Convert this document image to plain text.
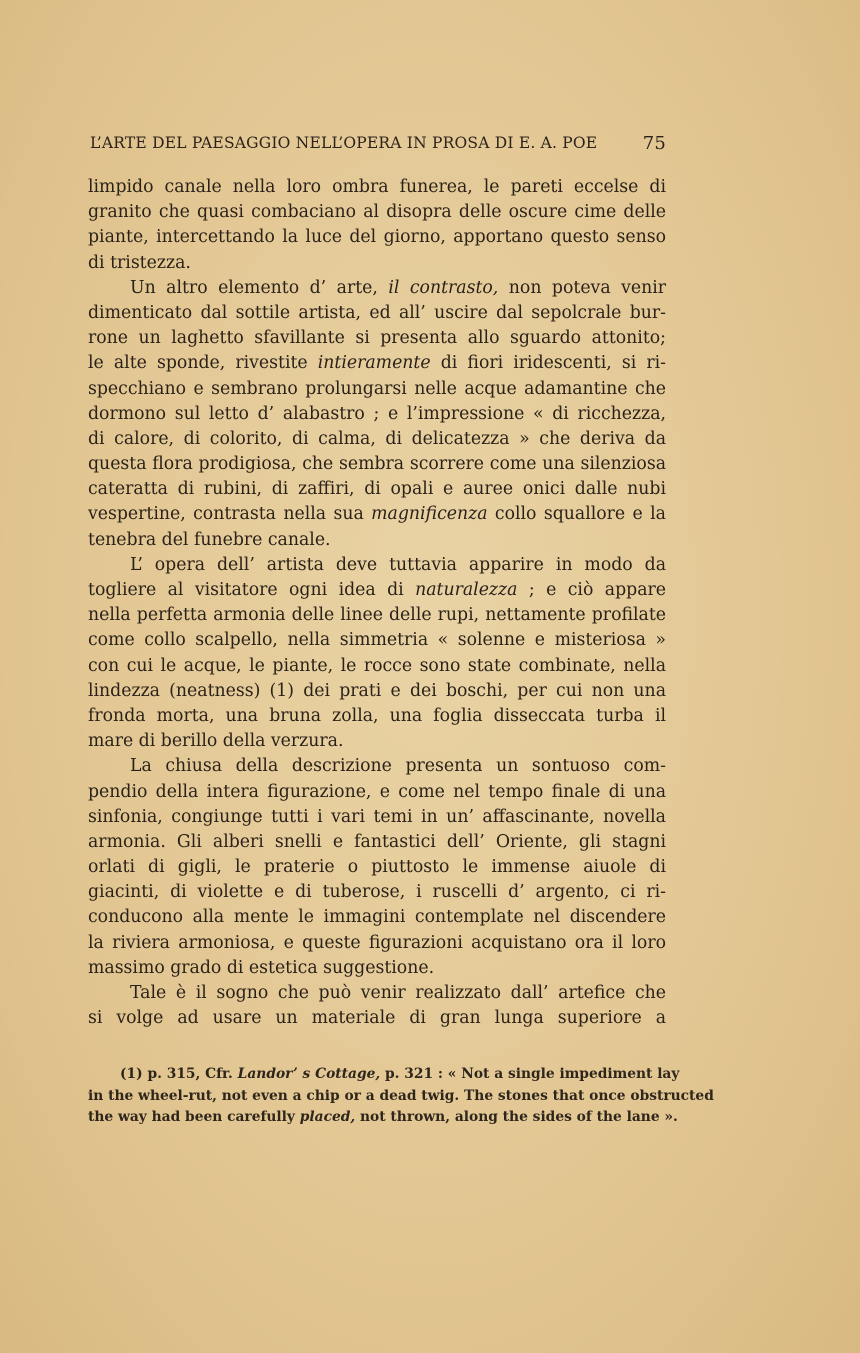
L’ARTE DEL PAESAGGIO NELL’OPERA IN PROSA DI E. A. POE	75
limpido canale nella loro ombra funerea, le pareti eccelse di
granito che quasi combaciano al disopra delle oscure cime delle
piante, intercettando la luce del giorno, apportano questo senso
di tristezza.
Un altro elemento d’ arte, il contrasto, non poteva venir
dimenticato dal sottile artista, ed all’ uscire dal sepolcrale bur-
rone un laghetto sfavillante si presenta allo sguardo attonito;
le alte sponde, rivestite intieramente di fiori iridescenti, si ri-
specchiano e sembrano prolungarsi nelle acque adamantine che
dormono sul letto d’ alabastro ; e l’impressione « di ricchezza,
di calore, di colorito, di calma, di delicatezza » che deriva da
questa flora prodigiosa, che sembra scorrere come una silenziosa
cateratta di rubini, di zaffiri, di opali e auree onici dalle nubi
vespertine, contrasta nella sua magnificenza collo squallore e la
tenebra del funebre canale.
L’ opera dell’ artista deve tuttavia apparire in modo da
togliere al visitatore ogni idea di naturalezza ; e ciò appare
nella perfetta armonia delle linee delle rupi, nettamente profilate
come collo scalpello, nella simmetria « solenne e misteriosa »
con cui le acque, le piante, le rocce sono state combinate, nella
lindezza (neatness) (1) dei prati e dei boschi, per cui non una
fronda morta, una bruna zolla, una foglia disseccata turba il
mare di berillo della verzura.
La chiusa della descrizione presenta un sontuoso com-
pendio della intera figurazione, e come nel tempo finale di una
sinfonia, congiunge tutti i vari temi in un’ affascinante, novella
armonia. Gli alberi snelli e fantastici dell’ Oriente, gli stagni
orlati di gigli, le praterie o piuttosto le immense aiuole di
giacinti, di violette e di tuberose, i ruscelli d’ argento, ci ri-
conducono alla mente le immagini contemplate nel discendere
la riviera armoniosa, e queste figurazioni acquistano ora il loro
massimo grado di estetica suggestione.
Tale è il sogno che può venir realizzato dall’ artefice che
si volge ad usare un materiale di gran lunga superiore a
(1) p. 315, Cfr. Landor’ s Cottage, p. 321 : « Not a single impediment lay
in the wheel-rut, not even a chip or a dead twig. The stones that once obstructed
the way had been carefully placed, not thrown, along the sides of the lane ».
